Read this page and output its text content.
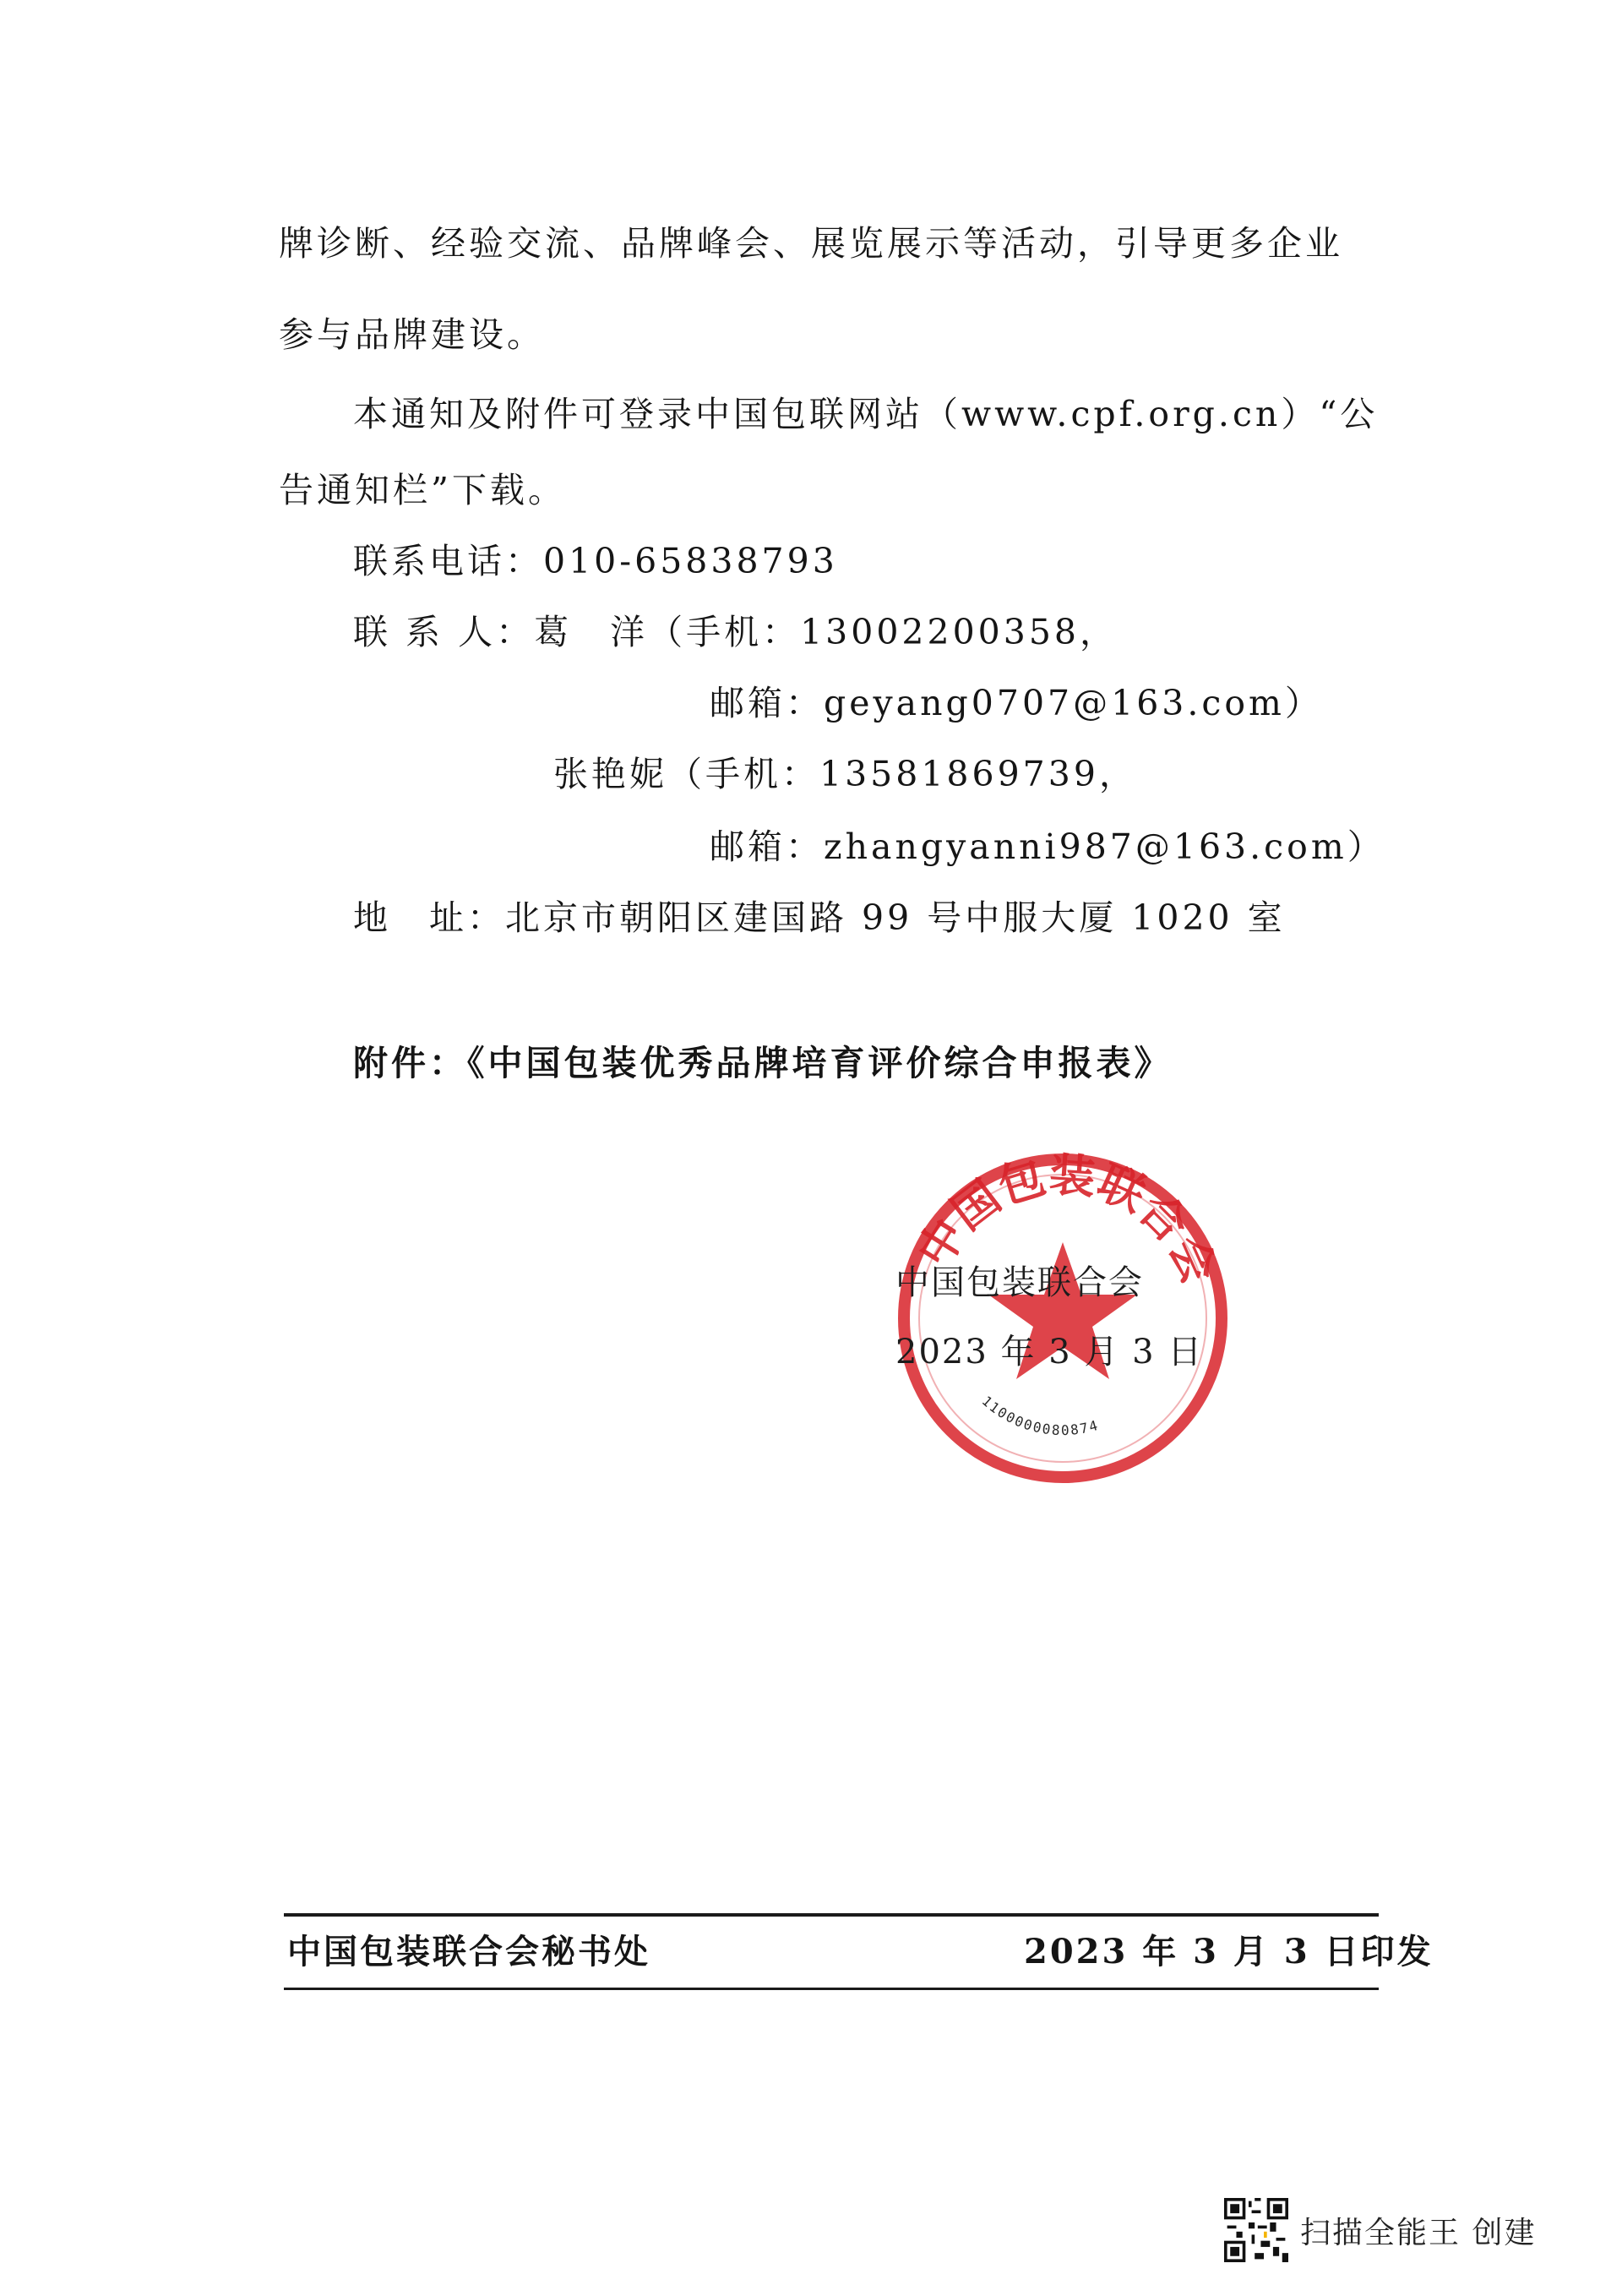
牌诊断、经验交流、品牌峰会、展览展示等活动，引导更多企业
参与品牌建设。
本通知及附件可登录中国包联网站（www.cpf.org.cn）“公
告通知栏”下载。
联系电话：010-65838793
联 系 人：葛　洋（手机：13002200358，
邮箱：geyang0707@163.com）
张艳妮（手机：13581869739，
邮箱：zhangyanni987@163.com）
地　址：北京市朝阳区建国路 99 号中服大厦 1020 室
附件：《中国包装优秀品牌培育评价综合申报表》
中国包装联合会
1100000080874
中国包装联合会
2023 年 3 月 3 日
中国包装联合会秘书处	2023 年 3 月 3 日印发
扫描全能王 创建
